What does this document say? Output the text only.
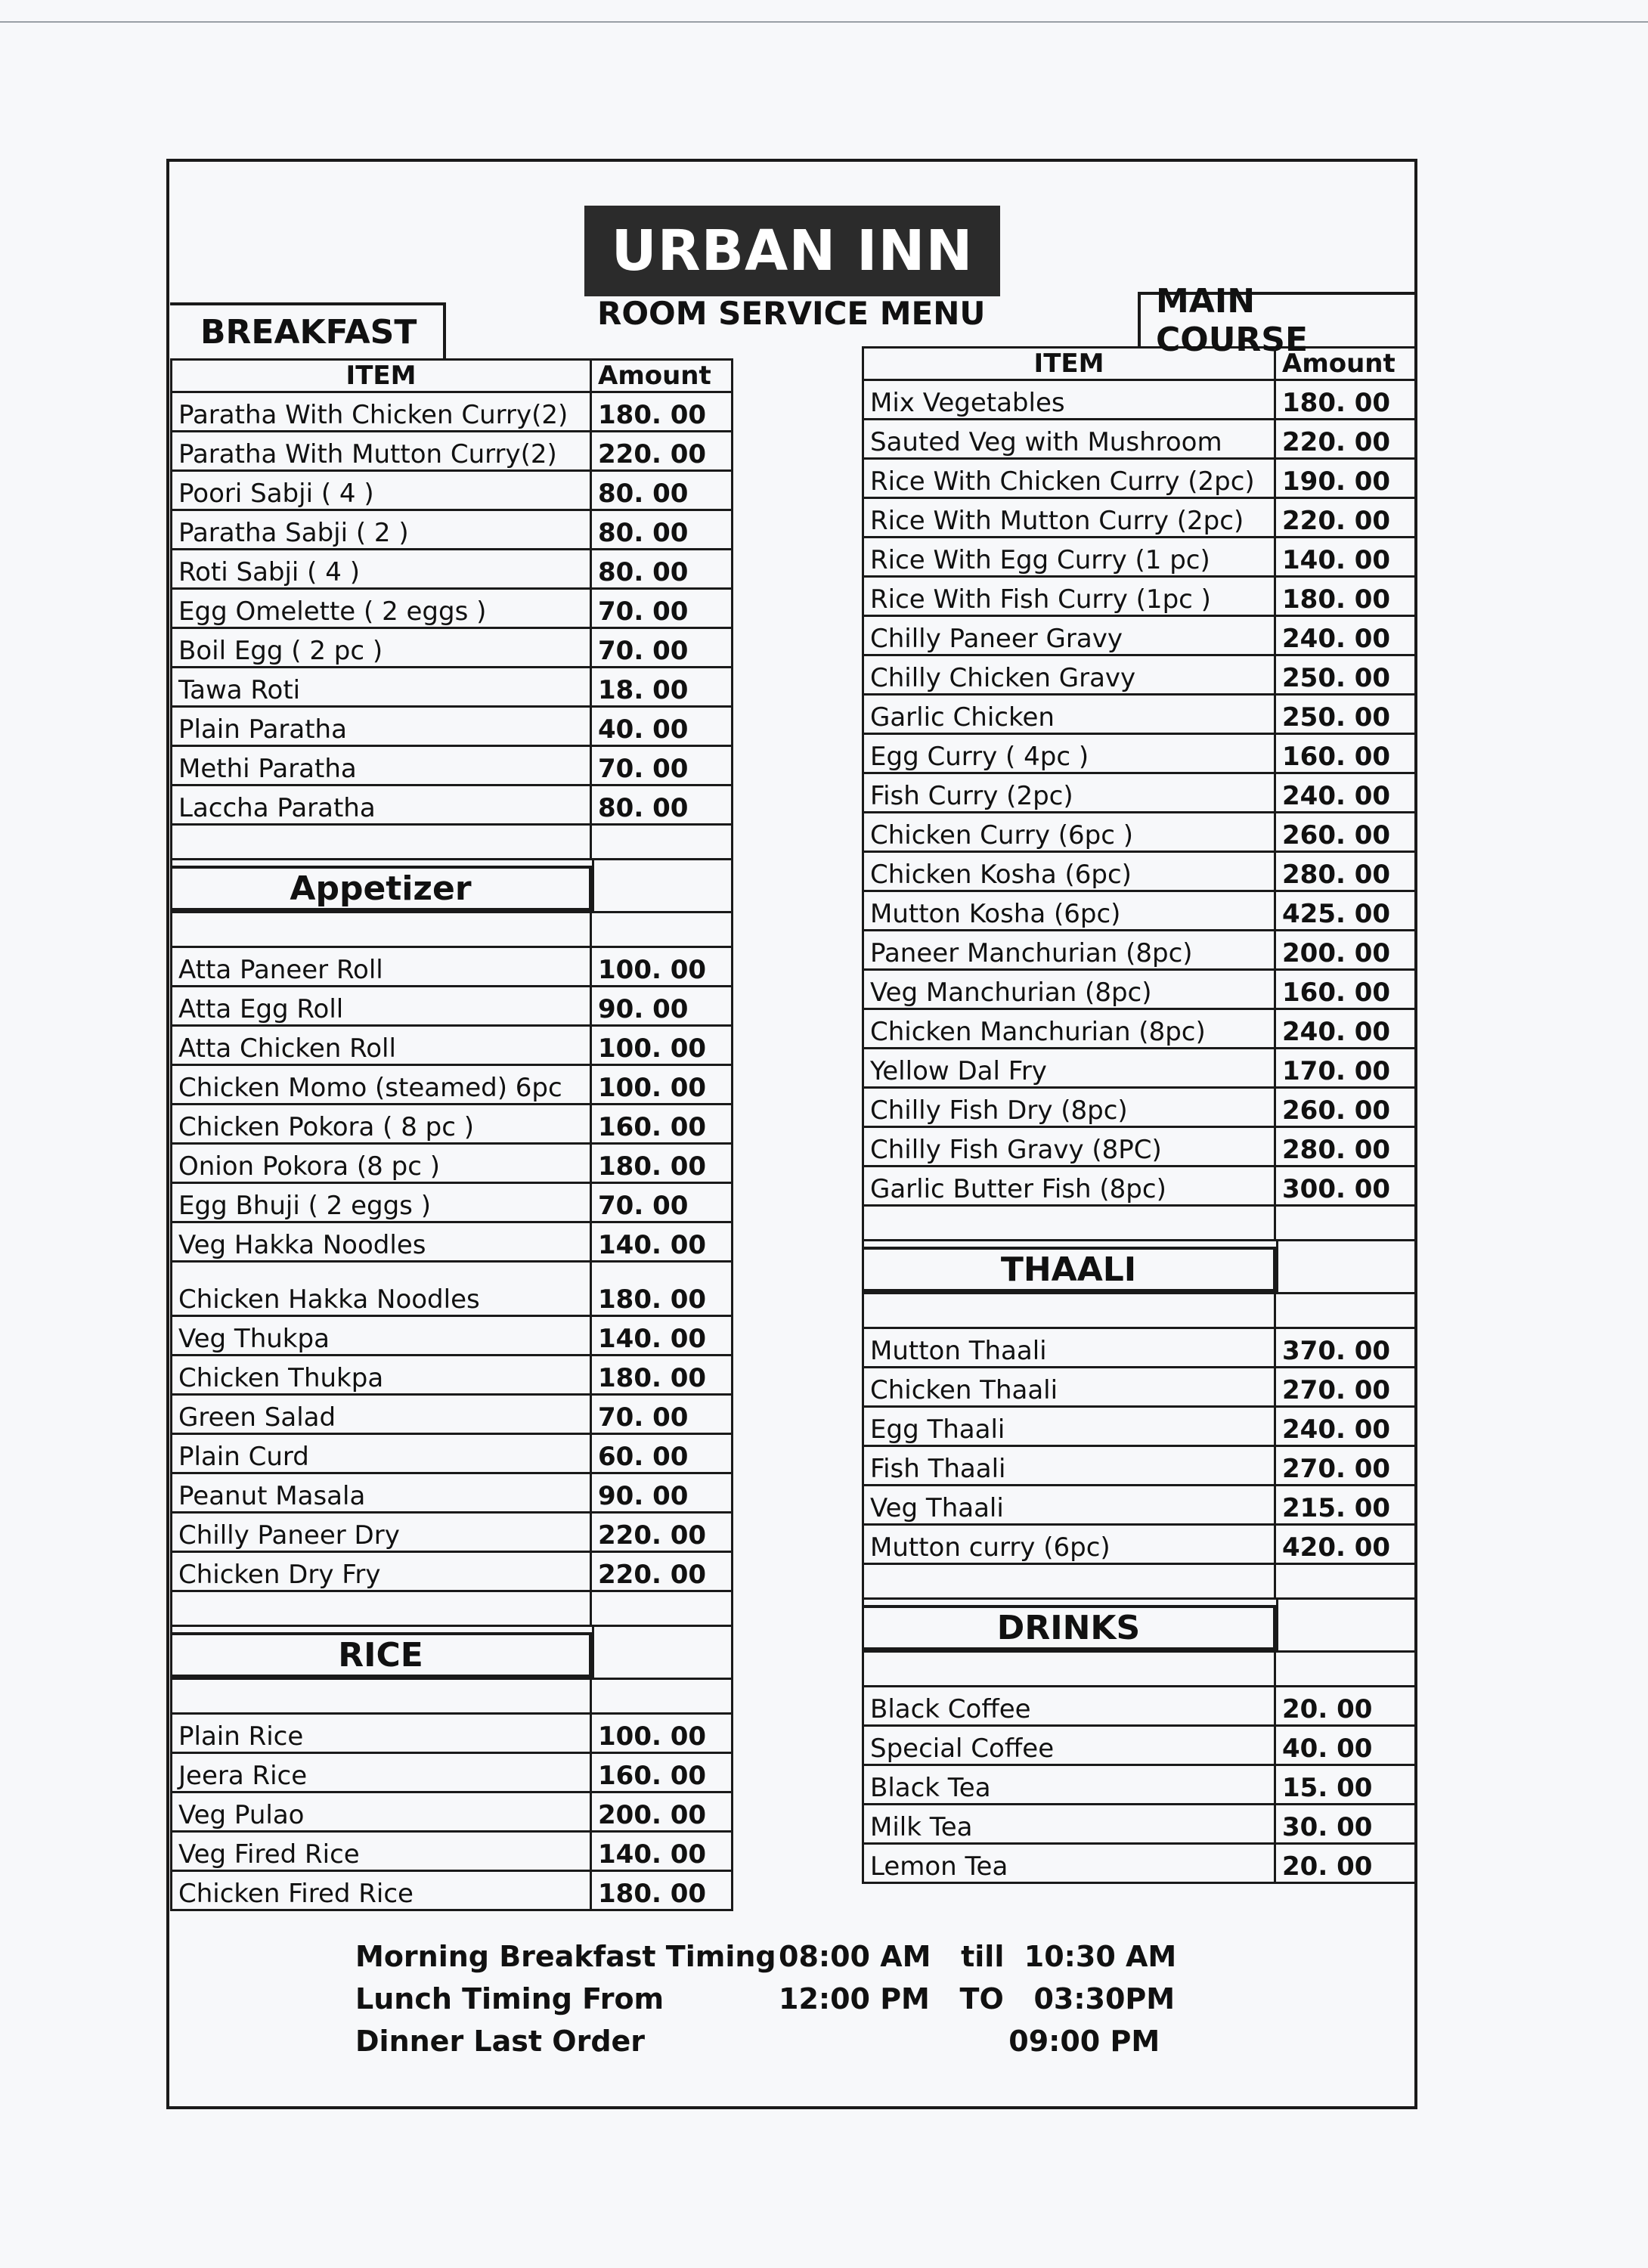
URBAN INN
ROOM SERVICE MENU
BREAKFAST
ITEM	Amount
Paratha With Chicken Curry(2)	180. 00
Paratha With Mutton Curry(2)	220. 00
Poori Sabji ( 4 )	80. 00
Paratha Sabji ( 2 )	80. 00
Roti Sabji ( 4 )	80. 00
Egg Omelette ( 2 eggs )	70. 00
Boil Egg ( 2 pc )	70. 00
Tawa Roti	18. 00
Plain Paratha	40. 00
Methi Paratha	70. 00
Laccha Paratha	80. 00
Appetizer
Atta Paneer Roll	100. 00
Atta Egg Roll	90. 00
Atta Chicken Roll	100. 00
Chicken Momo (steamed) 6pc	100. 00
Chicken Pokora ( 8 pc )	160. 00
Onion Pokora (8 pc )	180. 00
Egg Bhuji ( 2 eggs )	70. 00
Veg Hakka Noodles	140. 00
Chicken Hakka Noodles	180. 00
Veg Thukpa	140. 00
Chicken Thukpa	180. 00
Green Salad	70. 00
Plain Curd	60. 00
Peanut Masala	90. 00
Chilly Paneer Dry	220. 00
Chicken Dry Fry	220. 00
RICE
Plain Rice	100. 00
Jeera Rice	160. 00
Veg Pulao	200. 00
Veg Fired Rice	140. 00
Chicken Fired Rice	180. 00
MAIN COURSE
ITEM	Amount
Mix Vegetables	180. 00
Sauted Veg with Mushroom	220. 00
Rice With Chicken Curry (2pc)	190. 00
Rice With Mutton Curry (2pc)	220. 00
Rice With Egg Curry (1 pc)	140. 00
Rice With Fish Curry (1pc )	180. 00
Chilly Paneer Gravy	240. 00
Chilly Chicken Gravy	250. 00
Garlic Chicken	250. 00
Egg Curry ( 4pc )	160. 00
Fish Curry (2pc)	240. 00
Chicken Curry (6pc )	260. 00
Chicken Kosha (6pc)	280. 00
Mutton Kosha (6pc)	425. 00
Paneer Manchurian (8pc)	200. 00
Veg Manchurian (8pc)	160. 00
Chicken Manchurian (8pc)	240. 00
Yellow Dal Fry	170. 00
Chilly Fish Dry (8pc)	260. 00
Chilly Fish Gravy (8PC)	280. 00
Garlic Butter Fish (8pc)	300. 00
THAALI
Mutton Thaali	370. 00
Chicken Thaali	270. 00
Egg Thaali	240. 00
Fish Thaali	270. 00
Veg Thaali	215. 00
Mutton curry (6pc)	420. 00
DRINKS
Black Coffee	20. 00
Special Coffee	40. 00
Black Tea	15. 00
Milk Tea	30. 00
Lemon Tea	20. 00
Morning Breakfast Timing 08:00 AM   till  10:30 AM
Lunch Timing From	12:00 PM   TO   03:30PM
Dinner Last Order	09:00 PM
